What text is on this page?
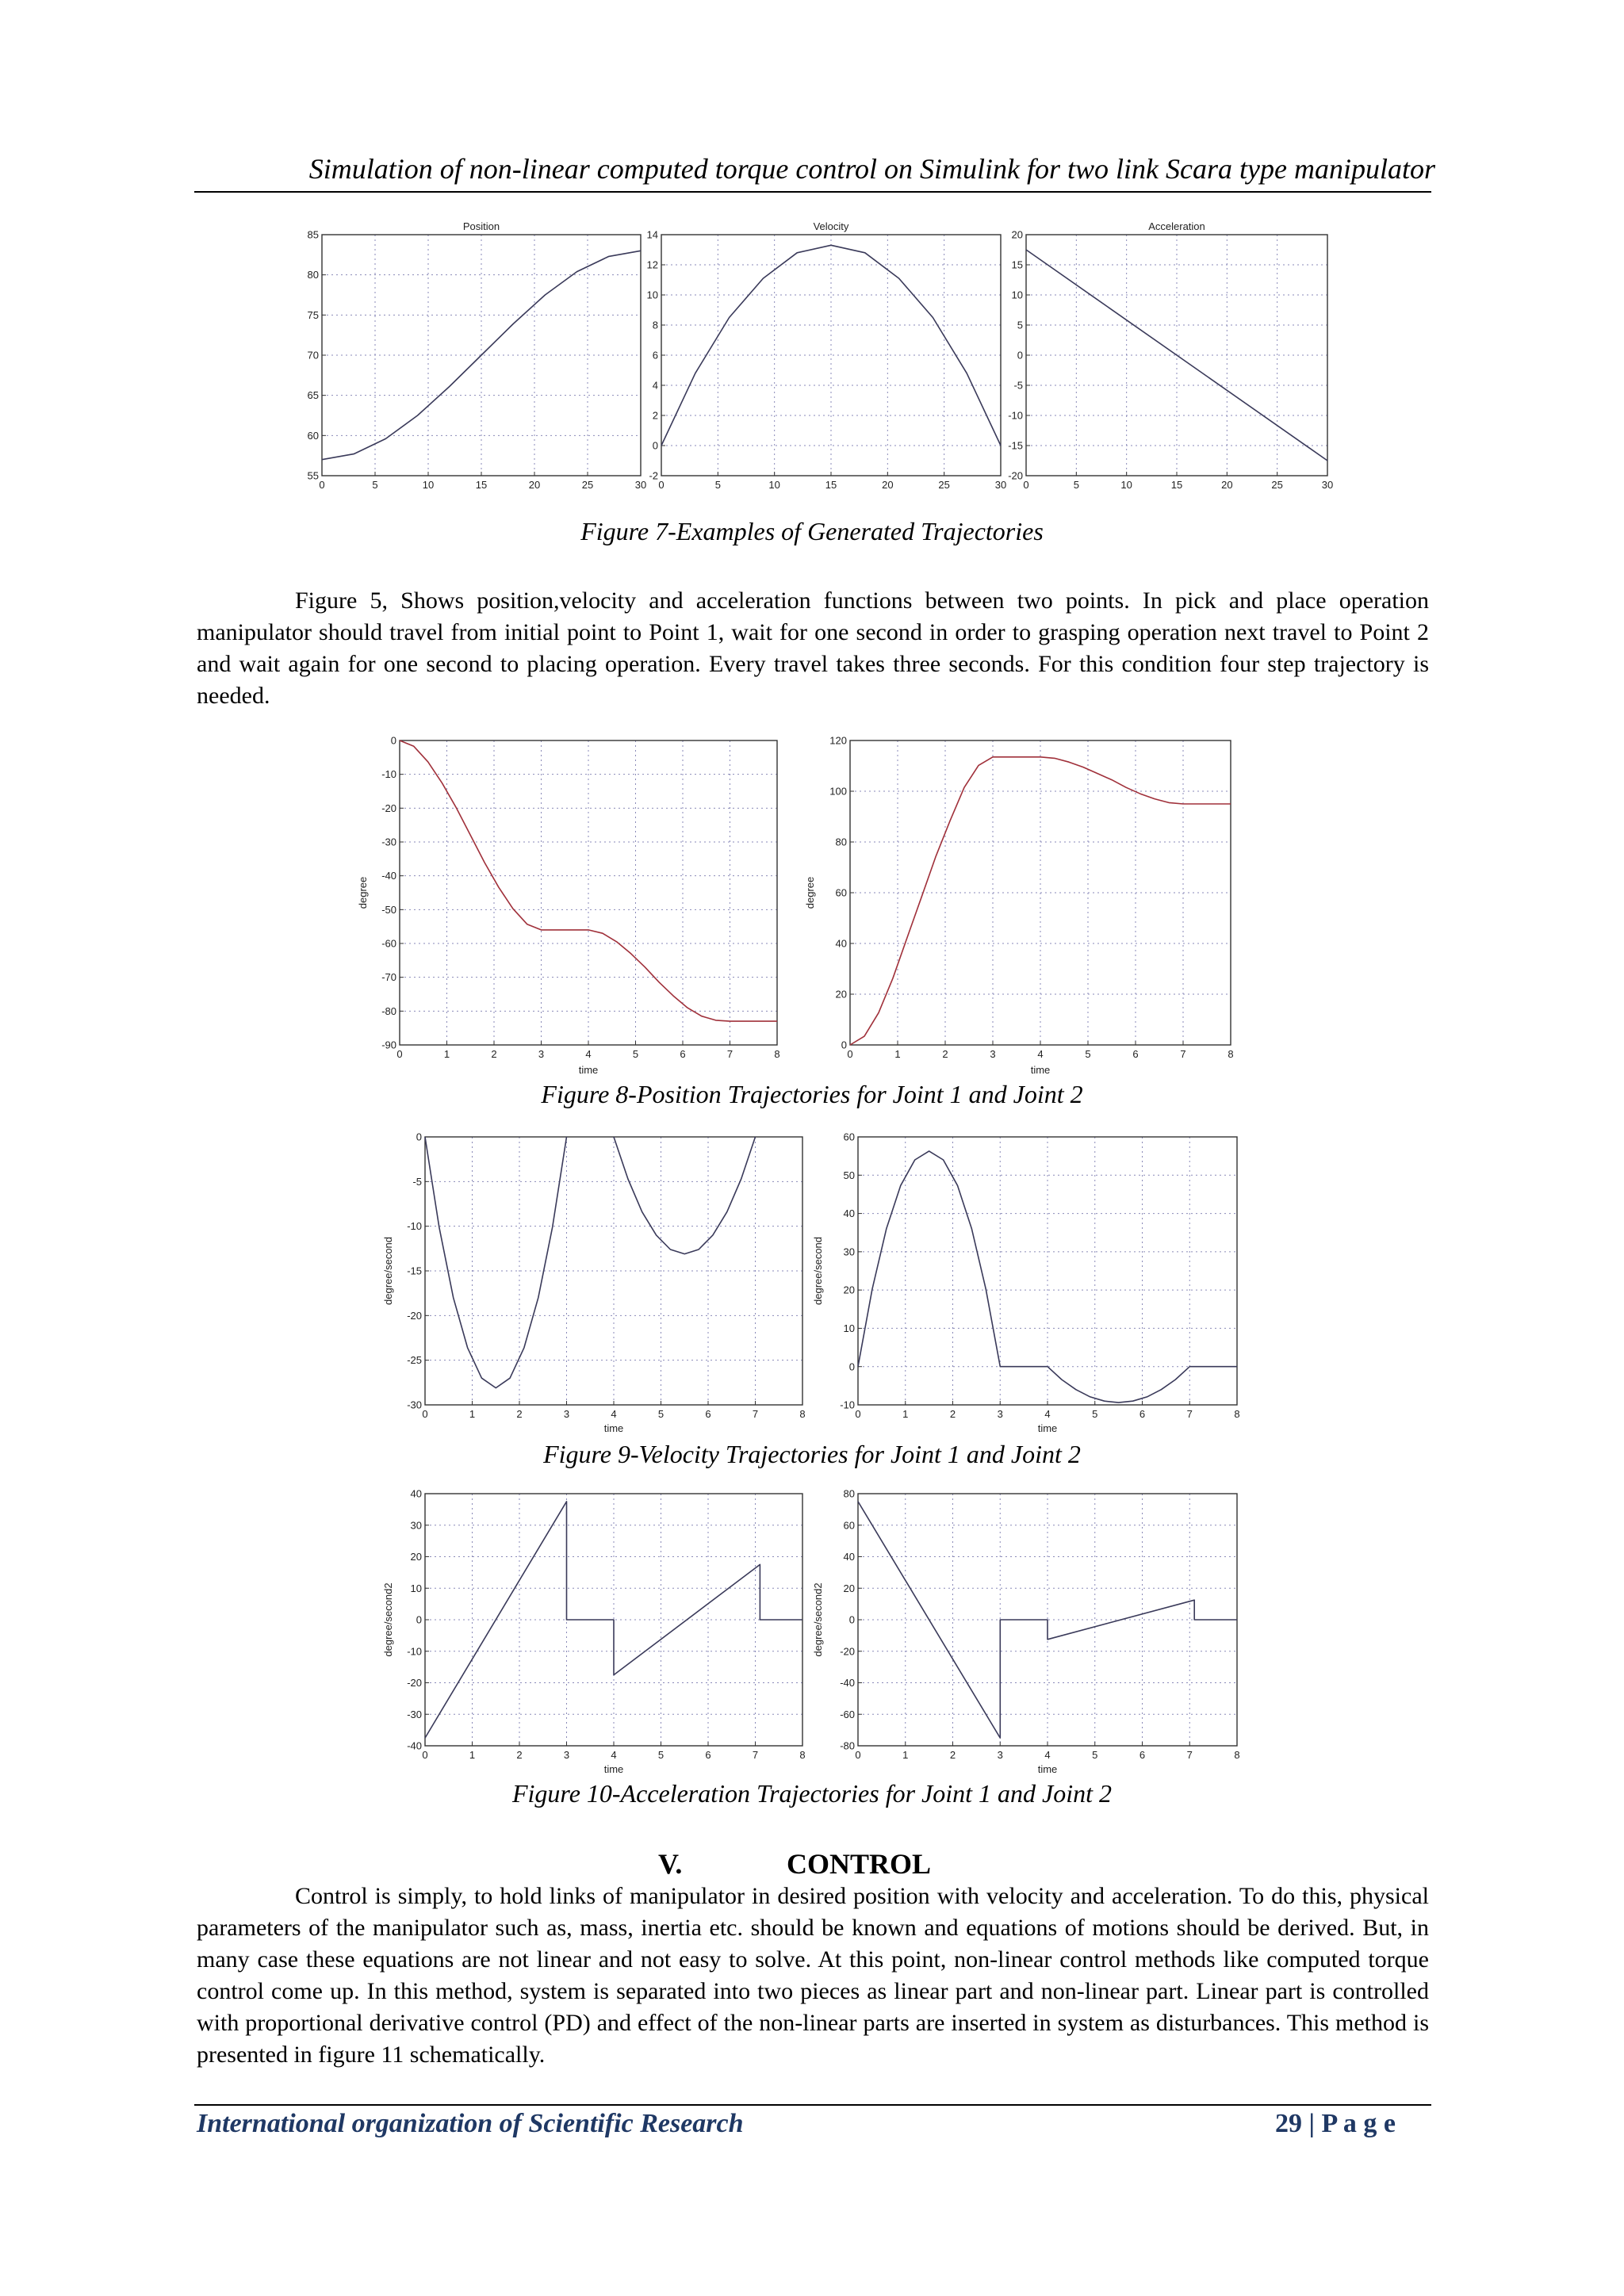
Simulation of non-linear computed torque control on Simulink for two link Scara type manipulator
0	5	10	15	20	25	30
55
60
65
70
75
80
85
Position
0	5	10	15	20	25	30
-2
0
2
4
6
8
10
12
14
Velocity
0	5	10	15	20	25	30
-20
-15
-10
-5
0
5
10
15
20
Acceleration
Figure 7-Examples of Generated Trajectories

Figure 5, Shows position,velocity and acceleration functions between two points. In pick and place operation manipulator should travel from initial point to Point 1, wait for one second in order to grasping operation next travel to Point 2 and wait again for one second to placing operation. Every travel takes three seconds. For this condition four step trajectory is needed.

0	1	2	3	4	5	6	7	8
-90
-80
-70
-60
-50
-40
-30
-20
-10
0
time
degree
0	1	2	3	4	5	6	7	8
0
20
40
60
80
100
120
time
degree
Figure 8-Position Trajectories for Joint 1 and Joint 2
0	1	2	3	4	5	6	7	8
-30
-25
-20
-15
-10
-5
0
time
degree/second
0	1	2	3	4	5	6	7	8
-10
0
10
20
30
40
50
60
time
degree/second
Figure 9-Velocity Trajectories for Joint 1 and Joint 2
0	1	2	3	4	5	6	7	8
-40
-30
-20
-10
0
10
20
30
40
time
degree/second2
0	1	2	3	4	5	6	7	8
-80
-60
-40
-20
0
20
40
60
80
time
degree/second2
Figure 10-Acceleration Trajectories for Joint 1 and Joint 2
V.	CONTROL

Control is simply, to hold links of manipulator in desired position with velocity and acceleration. To do this, physical parameters of the manipulator such as, mass, inertia etc. should be known and equations of motions should be derived. But, in many case these equations are not linear and not easy to solve. At this point, non-linear control methods like computed torque control come up. In this method, system is separated into two pieces as linear part and non-linear part. Linear part is controlled with proportional derivative control (PD) and effect of the non-linear parts are inserted in system as disturbances. This method is presented in figure 11 schematically.

International organization of Scientific Research	29 | P a g e
